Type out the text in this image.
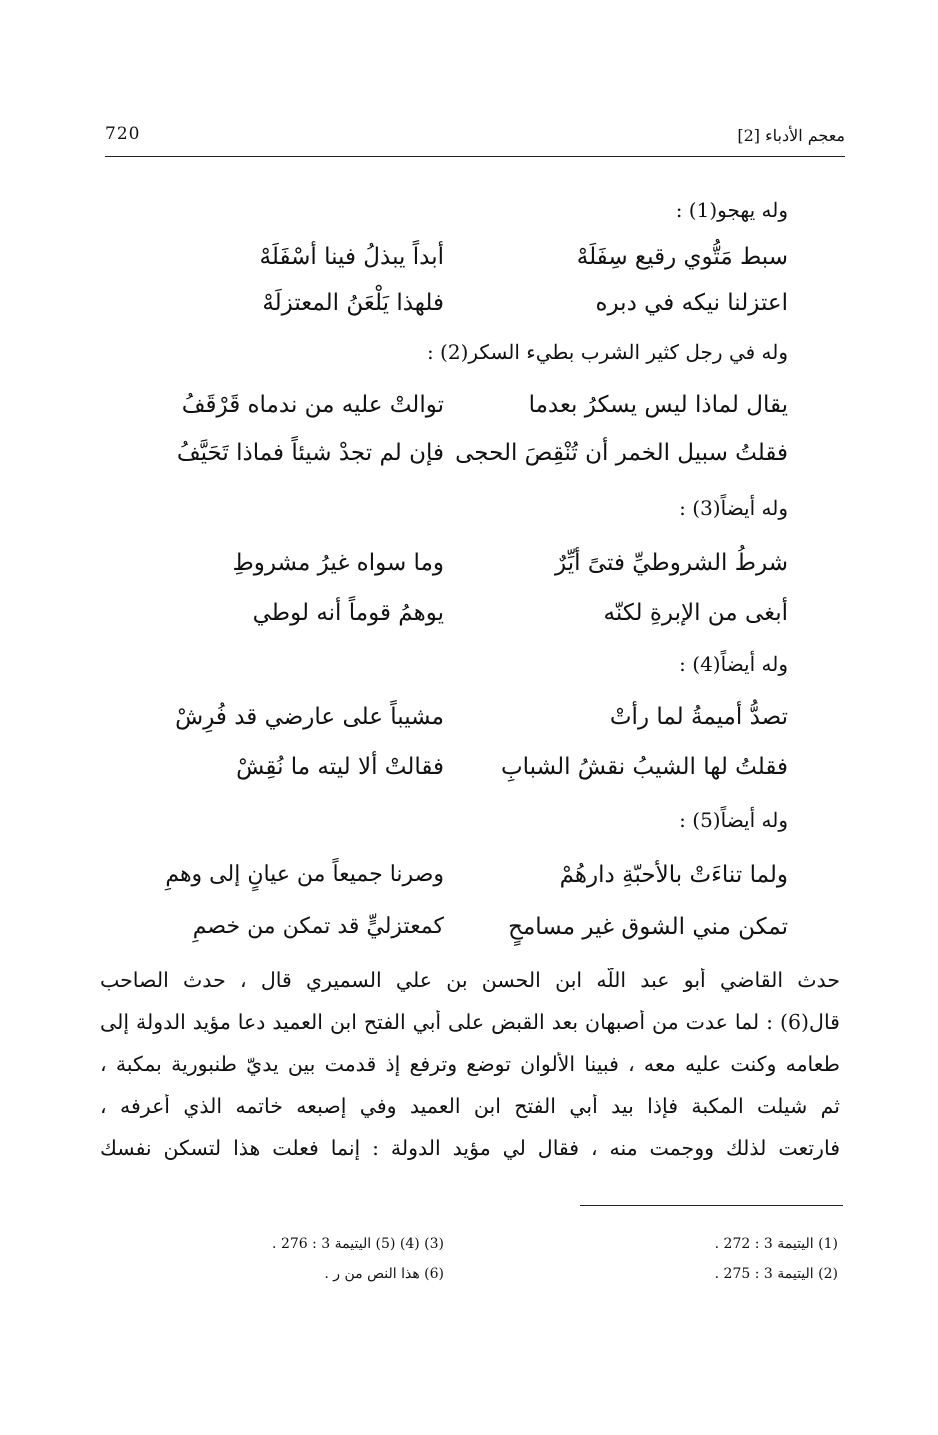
معجم الأدباء [2]
720
وله يهجو(1) :
سبط مَتُّوي رقيع سِفَلَهْ
أبداً يبذلُ فينا أسْفَلَهْ
اعتزلنا نيكه في دبره
فلهذا يَلْعَنُ المعتزلَهْ
وله في رجل كثير الشرب بطيء السكر(2) :
يقال لماذا ليس يسكرُ بعدما
توالتْ عليه من ندماه قَرْقَفُ
فقلتُ سبيل الخمر أن تُنْقِصَ الحجى
فإن لم تجدْ شيئاً فماذا تَحَيَّفُ
وله أيضاً(3) :
شرطُ الشروطيِّ فتىً أيِّرٌ
وما سواه غيرُ مشروطِ
أبغى من الإبرةِ لكنّه
يوهمُ قوماً أنه لوطي
وله أيضاً(4) :
تصدُّ أميمةُ لما رأتْ
مشيباً على عارضي قد فُرِشْ
فقلتُ لها الشيبُ نقشُ الشبابِ
فقالتْ ألا ليته ما نُقِشْ
وله أيضاً(5) :
ولما تناءَتْ بالأحبّةِ دارهُمْ
وصرنا جميعاً من عيانٍ إلى وهمِ
تمكن مني الشوق غير مسامحٍ
كمعتزليٍّ قد تمكن من خصمِ
حدث القاضي أبو عبد اللّه ابن الحسن بن علي السميري قال ، حدث الصاحب
قال(6) : لما عدت من أصبهان بعد القبض على أبي الفتح ابن العميد دعا مؤيد الدولة إلى
طعامه وكنت عليه معه ، فبينا الألوان توضع وترفع إذ قدمت بين يديّ طنبورية بمكبة ،
ثم شيلت المكبة فإذا بيد أبي الفتح ابن العميد وفي إصبعه خاتمه الذي أعرفه ،
فارتعت لذلك ووجمت منه ، فقال لي مؤيد الدولة : إنما فعلت هذا لتسكن نفسك
(1) اليتيمة 3 : 272 .
(2) اليتيمة 3 : 275 .
(3) (4) (5) اليتيمة 3 : 276 .
(6) هذا النص من ر .
